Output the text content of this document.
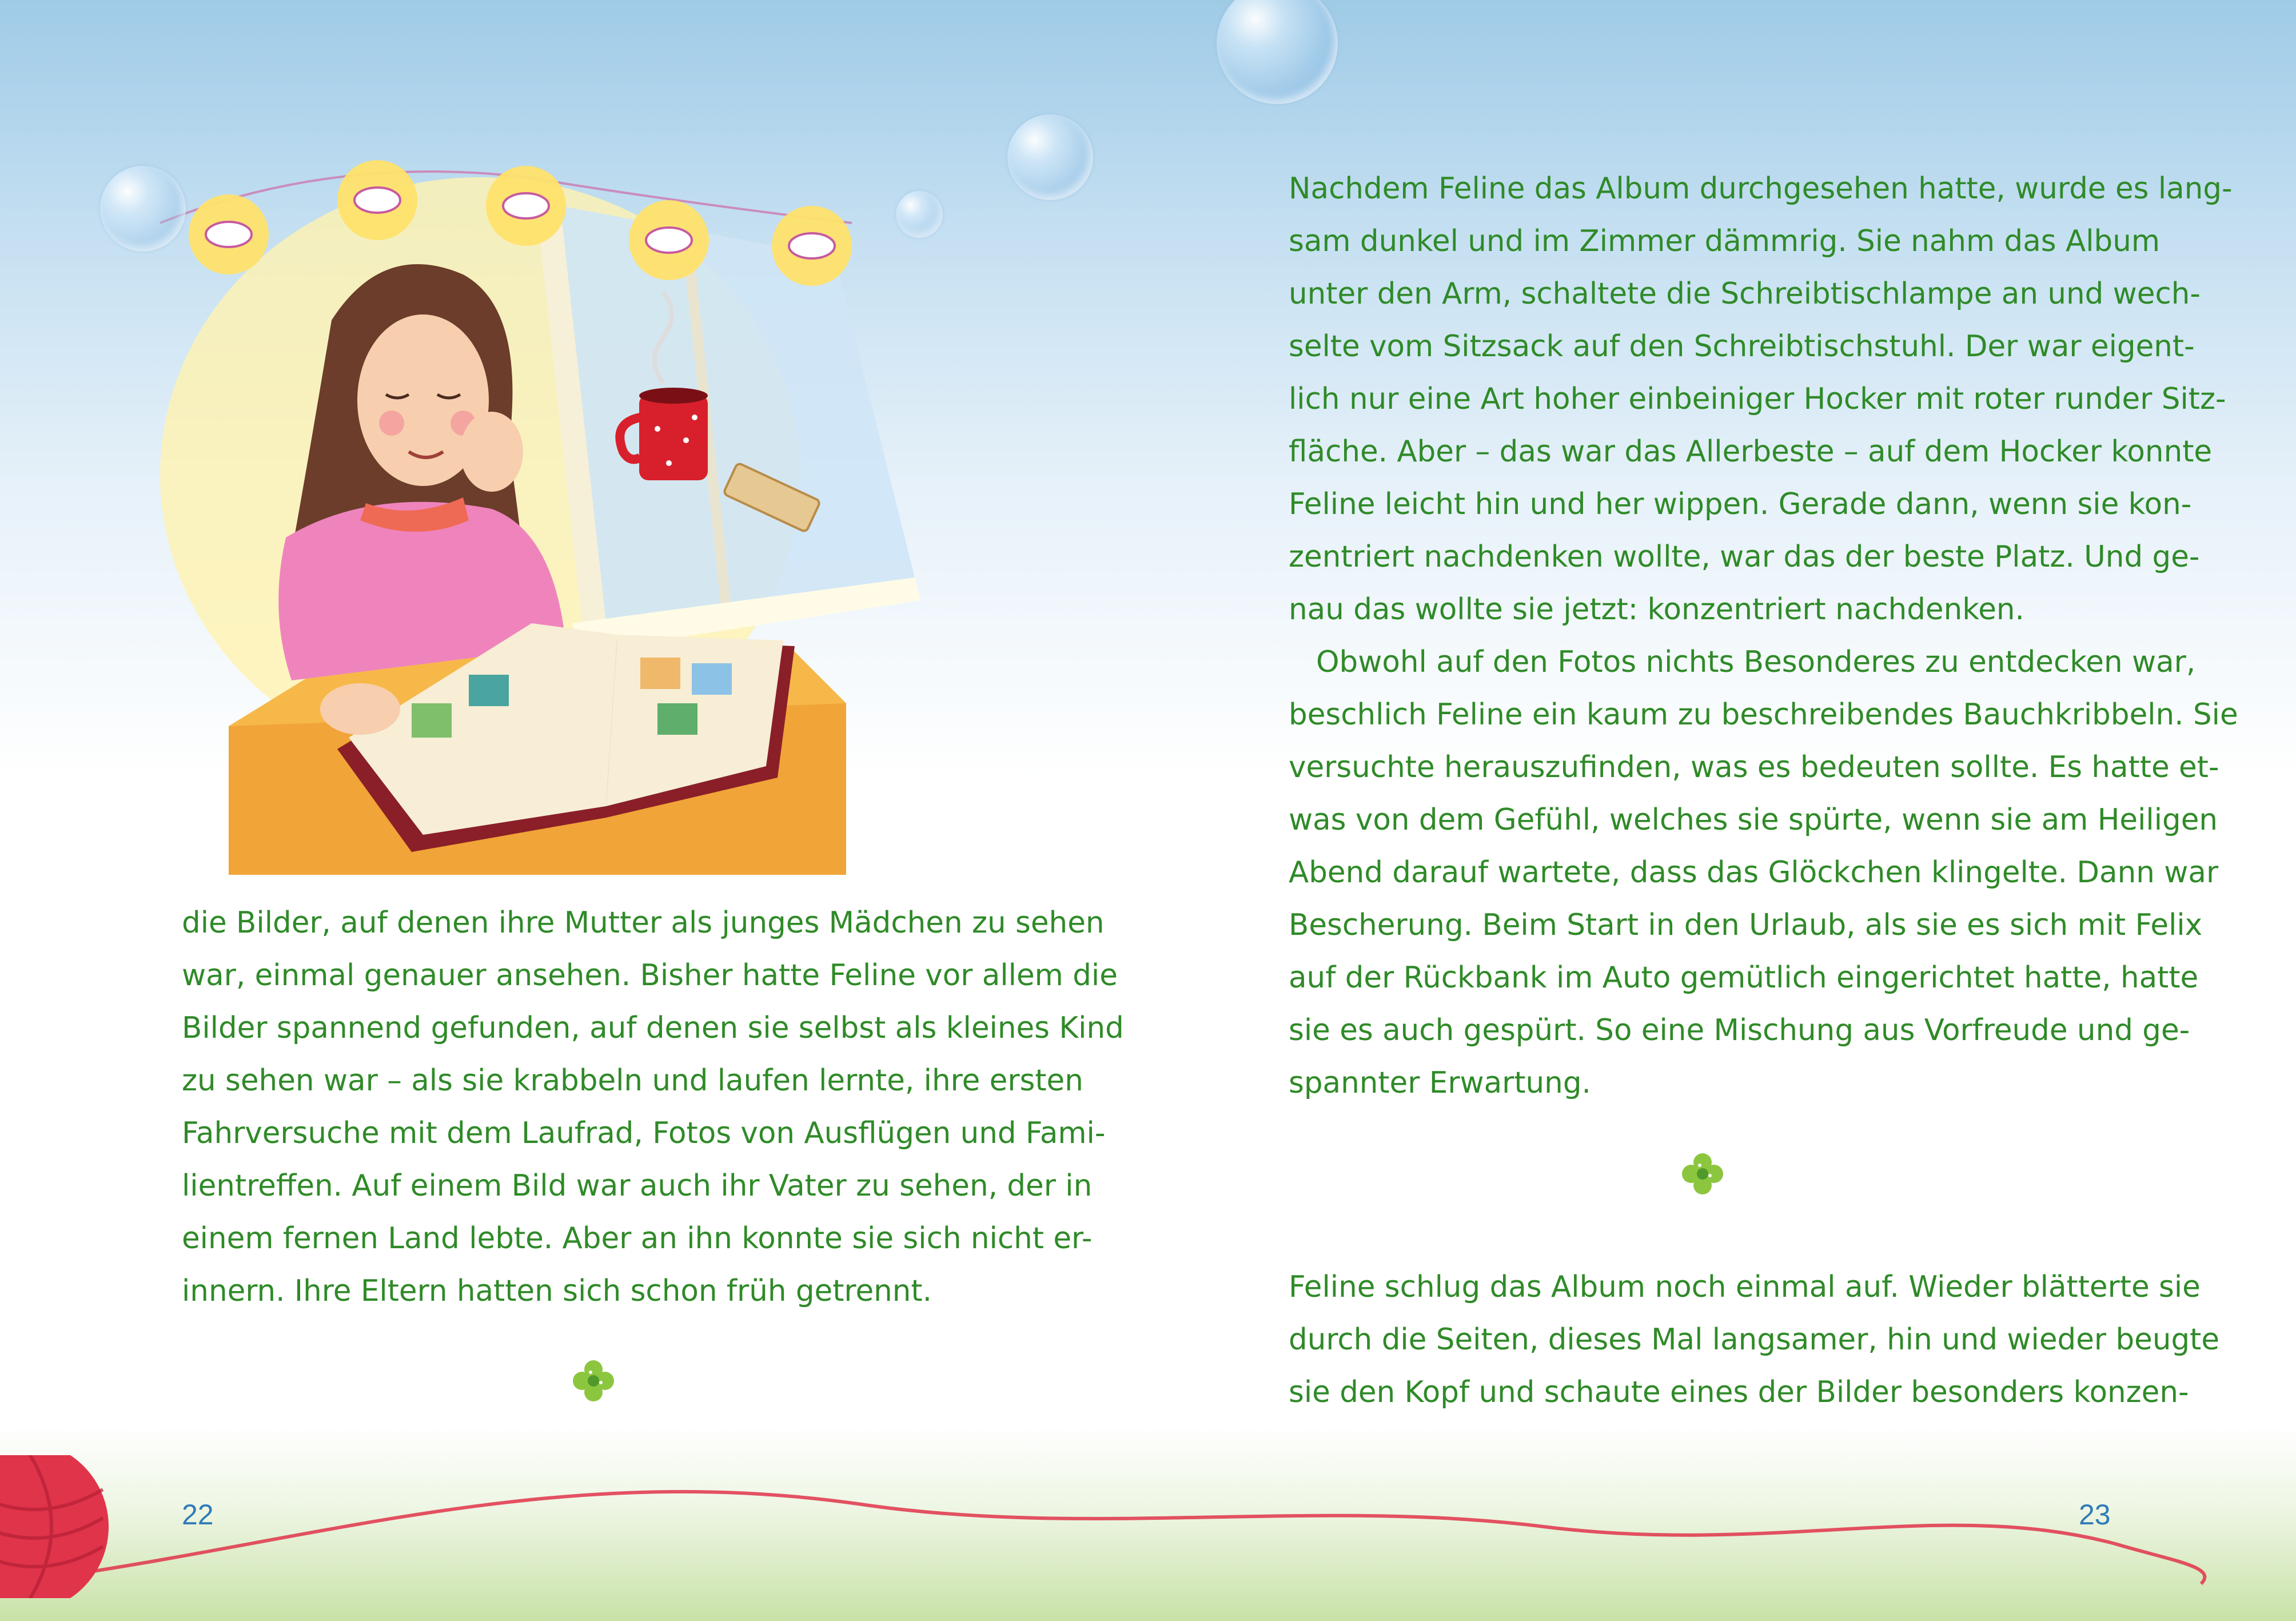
die Bilder, auf denen ihre Mutter als junges Mädchen zu sehen
war, einmal genauer ansehen. Bisher hatte Feline vor allem die
Bilder spannend gefunden, auf denen sie selbst als kleines Kind
zu sehen war – als sie krabbeln und laufen lernte, ihre ersten
Fahrversuche mit dem Laufrad, Fotos von Ausflügen und Fami-
lientreffen. Auf einem Bild war auch ihr Vater zu sehen, der in
einem fernen Land lebte. Aber an ihn konnte sie sich nicht er-
innern. Ihre Eltern hatten sich schon früh getrennt.
22
Nachdem Feline das Album durchgesehen hatte, wurde es lang-
sam dunkel und im Zimmer dämmrig. Sie nahm das Album
unter den Arm, schaltete die Schreibtischlampe an und wech-
selte vom Sitzsack auf den Schreibtischstuhl. Der war eigent-
lich nur eine Art hoher einbeiniger Hocker mit roter runder Sitz-
fläche. Aber – das war das Allerbeste – auf dem Hocker konnte
Feline leicht hin und her wippen. Gerade dann, wenn sie kon-
zentriert nachdenken wollte, war das der beste Platz. Und ge-
nau das wollte sie jetzt: konzentriert nachdenken.
Obwohl auf den Fotos nichts Besonderes zu entdecken war,
beschlich Feline ein kaum zu beschreibendes Bauchkribbeln. Sie
versuchte herauszufinden, was es bedeuten sollte. Es hatte et-
was von dem Gefühl, welches sie spürte, wenn sie am Heiligen
Abend darauf wartete, dass das Glöckchen klingelte. Dann war
Bescherung. Beim Start in den Urlaub, als sie es sich mit Felix
auf der Rückbank im Auto gemütlich eingerichtet hatte, hatte
sie es auch gespürt. So eine Mischung aus Vorfreude und ge-
spannter Erwartung.
Feline schlug das Album noch einmal auf. Wieder blätterte sie
durch die Seiten, dieses Mal langsamer, hin und wieder beugte
sie den Kopf und schaute eines der Bilder besonders konzen-
23
